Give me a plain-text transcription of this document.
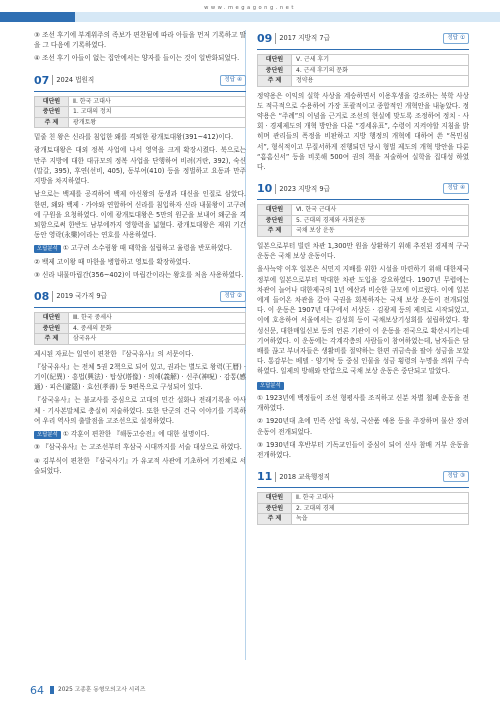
www.megagong.net

③ 조선 후기에 부계위주의 족보가 편찬됨에 따라 아들을 먼저 기록하고 딸을 그 다음에 기록하였다.

④ 조선 후기 아들이 없는 집안에서는 양자를 들이는 것이 일반화되었다.

07	2024 법원직	정답 ④
대단원	Ⅱ. 한국 고대사
중단원	1. 고대의 정치
주 제	광개토왕

밑줄 친 왕은 신라를 침입한 왜를 격퇴한 광개토대왕(391~412)이다.

광개토대왕은 대외 정복 사업에 나서 영역을 크게 확장시켰다. 북으로는 만주 지방에 대한 대규모의 정복 사업을 단행하여 비려(거란, 392), 숙신(말갈, 395), 후연(선비, 405), 동부여(410) 등을 정벌하고 요동과 만주 지방을 차지하였다.

남으로는 백제를 공격하여 백제 아신왕의 동생과 대신을 인질로 삼았다. 한편, 왜와 백제 · 가야와 연합하여 신라를 침입하자 신라 내물왕이 고구려에 구원을 요청하였다. 이에 광개토대왕은 5만의 원군을 보내어 왜군을 격퇴함으로써 한반도 남부에까지 영향력을 넓혔다. 광개토대왕은 재위 기간 동안 영락(永樂)이라는 연호를 사용하였다.

오답분석 ① 고구려 소수림왕 때 태학을 설립하고 율령을 반포하였다.

② 백제 고이왕 때 마한을 병합하고 영토를 확장하였다.

③ 신라 내물마립간(356~402)이 마립간이라는 왕호를 처음 사용하였다.

08	2019 국가직 9급	정답 ②
대단원	Ⅲ. 한국 중세사
중단원	4. 중세의 문화
주 제	삼국유사

제시된 자료는 일연이 편찬한 『삼국유사』의 서문이다.

『삼국유사』는 전체 5권 2책으로 되어 있고, 권과는 별도로 왕력(王曆) · 기이(紀異) · 흥법(興法) · 탑상(塔像) · 의해(義解) · 신주(神呪) · 감통(感通) · 피은(避隱) · 효선(孝善) 등 9편목으로 구성되어 있다.

『삼국유사』는 불교사를 중심으로 고대의 민간 설화나 전래기록을 아사체 · 기사본말체로 충실히 저술하였다. 또한 단군의 건국 이야기를 기록하여 우리 역사의 출발점을 고조선으로 설정하였다.

오답분석 ① 각훈이 편찬한 『해동고승전』에 대한 설명이다.

③ 『삼국유사』는 고조선부터 후삼국 시대까지를 서술 대상으로 하였다.

④ 김부식이 편찬한 『삼국사기』가 유교적 사관에 기초하여 기전체로 서술되었다.

09	2017 지방직 7급	정답 ①
대단원	Ⅴ. 근세 후기
중단원	4. 근세 후기의 문화
주 제	정약용

정약용은 이익의 실학 사상을 계승하면서 이용후생을 강조하는 북학 사상도 적극적으로 수용하여 가장 포괄적이고 종합적인 개혁안을 내놓았다. 정약용은 “주례”의 이념을 근거로 조선의 현실에 맞도록 조정하여 정치 · 사회 · 경제제도의 개혁 방안을 다룬 “경세유표”, 수령이 지켜야할 지침을 밝히며 관리들의 폭정을 비판하고 지방 행정의 개혁에 대하여 쓴 “목민심서”, 형식적이고 무질서하게 진행되던 당시 형벌 제도의 개혁 방안을 다룬 “흠흠신서” 등을 비롯해 500여 권의 책을 저술하여 실학을 집대성 하였다.

10	2023 지방직 9급	정답 ④
대단원	Ⅵ. 한국 근대사
중단원	5. 근대의 경제와 사회운동
주 제	국채 보상 운동

일본으로부터 빌린 차관 1,300만 원을 상환하기 위해 추진된 경제적 구국 운동은 국채 보상 운동이다.

을사늑약 이후 일본은 식민지 지배를 위한 시설을 마련하기 위해 대한제국 정부에 일본으로부터 막대한 차관 도입을 강요하였다. 1907년 무렵에는 차관이 늘어나 대한제국의 1년 예산과 비슷한 규모에 이르렀다. 이에 일본에게 들어온 차관을 갚아 국권을 회복하자는 국채 보상 운동이 전개되었다. 이 운동은 1907년 대구에서 서상돈 · 김광제 등의 제의로 시작되었고, 이에 호응하여 서울에서는 김성희 등이 국채보상기성회를 설립하였다. 황성신문, 대한매일신보 등의 언론 기관이 이 운동을 전국으로 확산시키는데 기여하였다. 이 운동에는 각계각층의 사람들이 참여하였는데, 남자들은 담배를 끊고 부녀자들은 생활비를 절약하는 한편 귀금속을 팔아 성금을 모았다. 통감부는 베델 · 양기탁 등 중심 인물을 성금 횡령의 누명을 씌워 구속하였다. 일제의 방해와 탄압으로 국채 보상 운동은 중단되고 말았다.

오답분석

① 1923년에 백정들이 조선 형평사를 조직하고 신분 차별 철폐 운동을 전개하였다.

② 1920년대 초에 민족 산업 육성, 국산품 애용 등을 주장하며 물산 장려 운동이 전개되었다.

③ 1930년대 후반부터 기독교인들이 중심이 되어 신사 참배 거부 운동을 전개하였다.

11	2018 교육행정직	정답 ③
대단원	Ⅱ. 한국 고대사
중단원	2. 고대의 경제
주 제	녹읍
64 2025 고종훈 동형모의고사 시리즈
